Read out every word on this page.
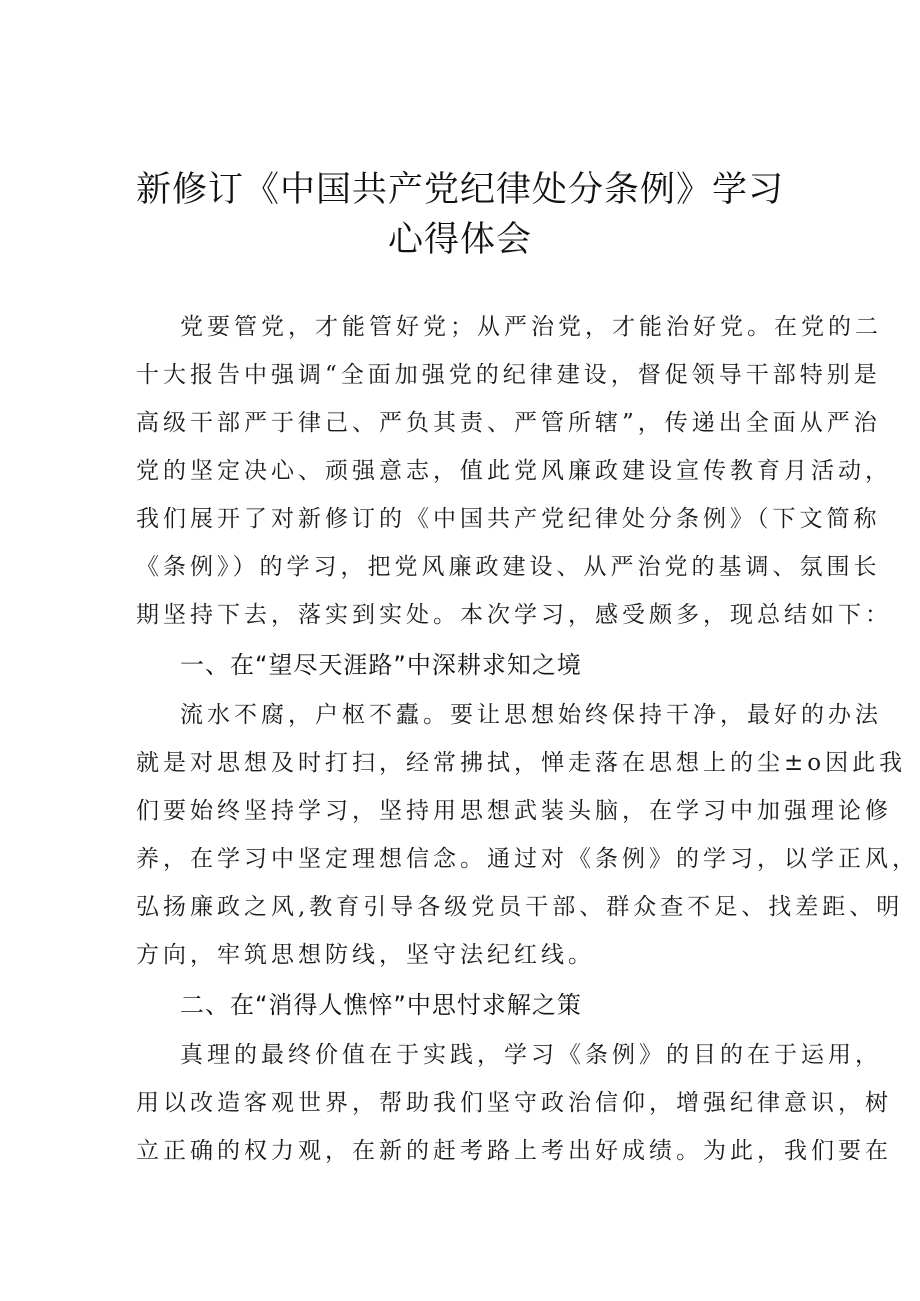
新修订《中国共产党纪律处分条例》学习
心得体会
党要管党，才能管好党；从严治党，才能治好党。在党的二
十大报告中强调“全面加强党的纪律建设，督促领导干部特别是
高级干部严于律己、严负其责、严管所辖”，传递出全面从严治
党的坚定决心、顽强意志，值此党风廉政建设宣传教育月活动，
我们展开了对新修订的《中国共产党纪律处分条例》（下文简称
《条例》）的学习，把党风廉政建设、从严治党的基调、氛围长
期坚持下去，落实到实处。本次学习，感受颇多，现总结如下：
一、在“望尽天涯路”中深耕求知之境
流水不腐，户枢不蠹。要让思想始终保持干净，最好的办法
就是对思想及时打扫，经常拂拭，惮走落在思想上的尘±o因此我
们要始终坚持学习，坚持用思想武装头脑，在学习中加强理论修
养，在学习中坚定理想信念。通过对《条例》的学习，以学正风，
弘扬廉政之风,教育引导各级党员干部、群众查不足、找差距、明
方向，牢筑思想防线，坚守法纪红线。
二、在“消得人憔悴”中思忖求解之策
真理的最终价值在于实践，学习《条例》的目的在于运用，
用以改造客观世界，帮助我们坚守政治信仰，增强纪律意识，树
立正确的权力观，在新的赶考路上考出好成绩。为此，我们要在
